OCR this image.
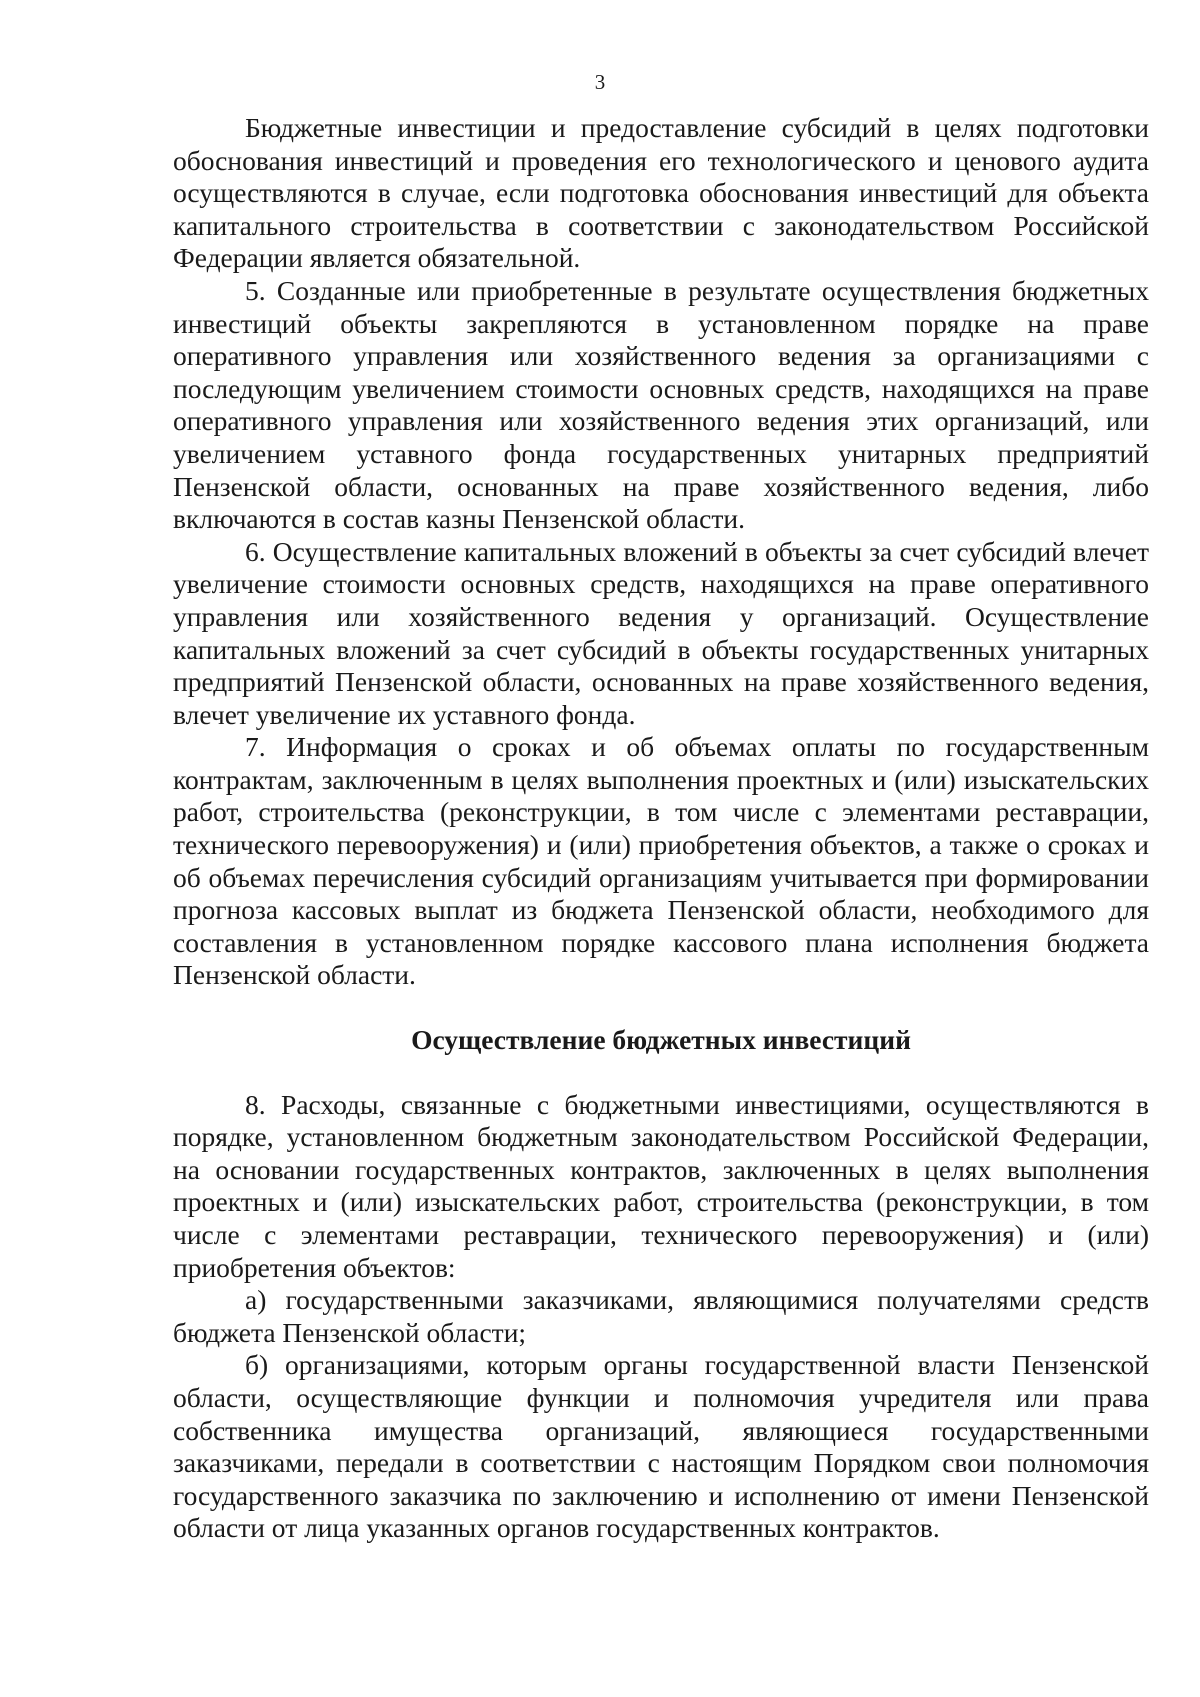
3

Бюджетные инвестиции и предоставление субсидий в целях подготовки обоснования инвестиций и проведения его технологического и ценового аудита осуществляются в случае, если подготовка обоснования инвестиций для объекта капитального строительства в соответствии с законодательством Российской Федерации является обязательной.

5. Созданные или приобретенные в результате осуществления бюджетных инвестиций объекты закрепляются в установленном порядке на праве оперативного управления или хозяйственного ведения за организациями с последующим увеличением стоимости основных средств, находящихся на праве оперативного управления или хозяйственного ведения этих организаций, или увеличением уставного фонда государственных унитарных предприятий Пензенской области, основанных на праве хозяйственного ведения, либо включаются в состав казны Пензенской области.

6. Осуществление капитальных вложений в объекты за счет субсидий влечет увеличение стоимости основных средств, находящихся на праве оперативного управления или хозяйственного ведения у организаций. Осуществление капитальных вложений за счет субсидий в объекты государственных унитарных предприятий Пензенской области, основанных на праве хозяйственного ведения, влечет увеличение их уставного фонда.

7. Информация о сроках и об объемах оплаты по государственным контрактам, заключенным в целях выполнения проектных и (или) изыскательских работ, строительства (реконструкции, в том числе с элементами реставрации, технического перевооружения) и (или) приобретения объектов, а также о сроках и об объемах перечисления субсидий организациям учитывается при формировании прогноза кассовых выплат из бюджета Пензенской области, необходимого для составления в установленном порядке кассового плана исполнения бюджета Пензенской области.

Осуществление бюджетных инвестиций

8. Расходы, связанные с бюджетными инвестициями, осуществляются в порядке, установленном бюджетным законодательством Российской Федерации, на основании государственных контрактов, заключенных в целях выполнения проектных и (или) изыскательских работ, строительства (реконструкции, в том числе с элементами реставрации, технического перевооружения) и (или) приобретения объектов:

а) государственными заказчиками, являющимися получателями средств бюджета Пензенской области;

б) организациями, которым органы государственной власти Пензенской области, осуществляющие функции и полномочия учредителя или права собственника имущества организаций, являющиеся государственными заказчиками, передали в соответствии с настоящим Порядком свои полномочия государственного заказчика по заключению и исполнению от имени Пензенской области от лица указанных органов государственных контрактов.
